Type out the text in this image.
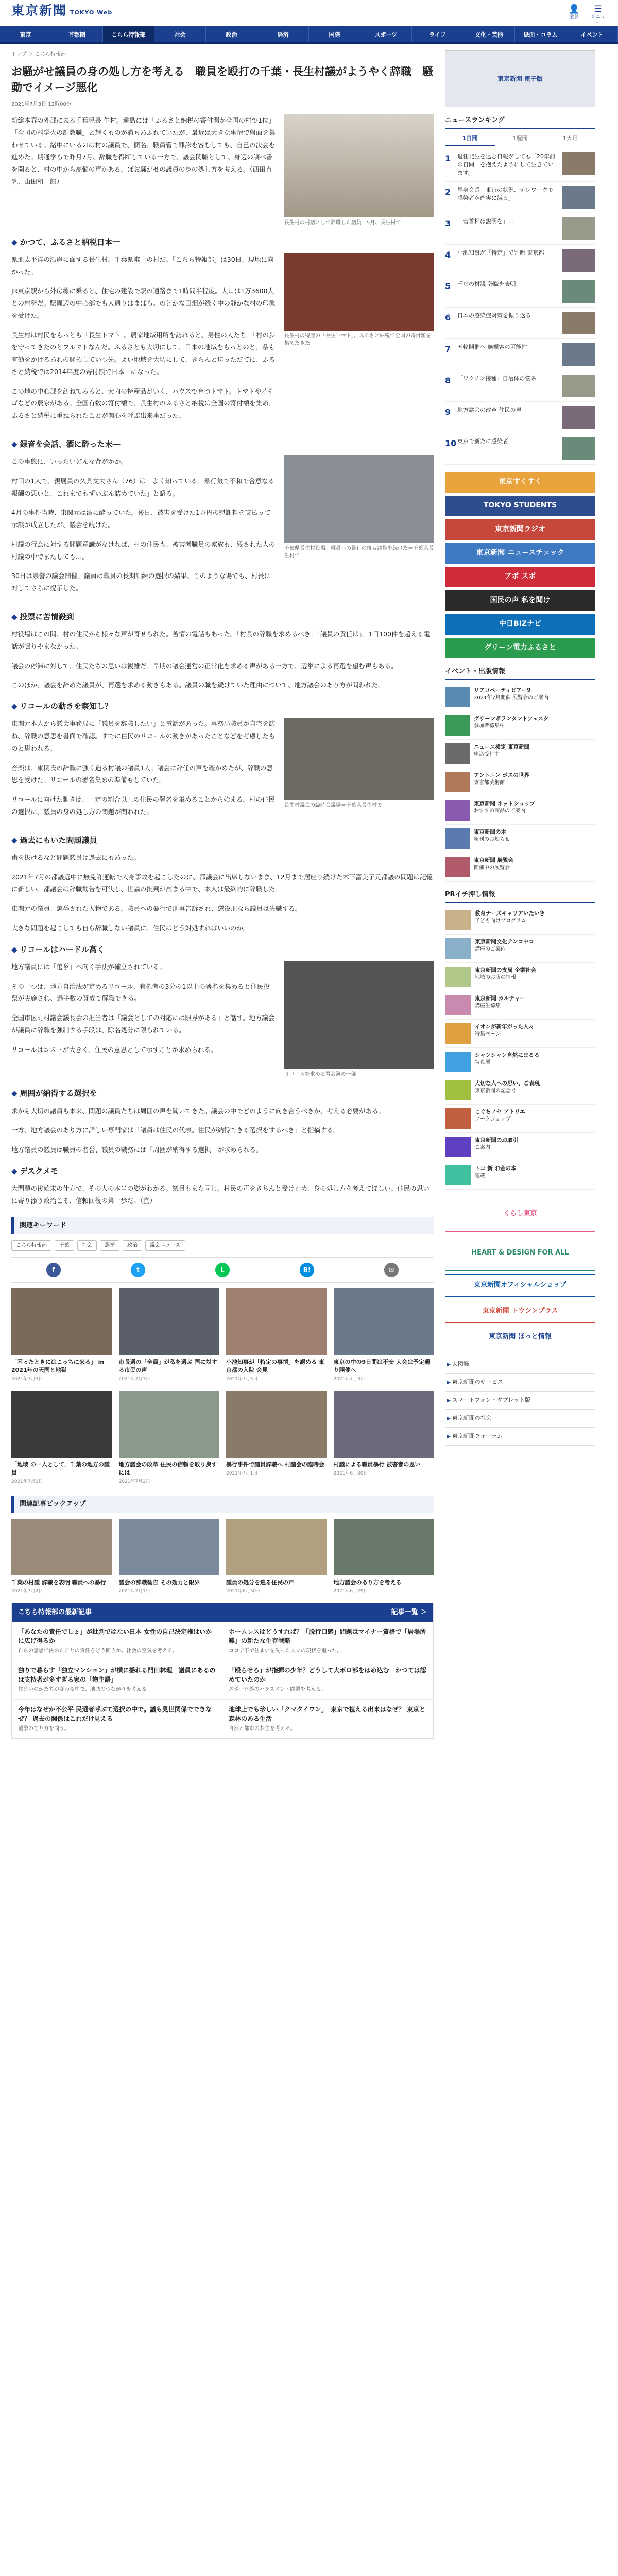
東京新聞 TOKYO Web	👤
会員
☰
メニュー
東京	首都圏	こちら特報部	社会	政治	経済	国際	スポーツ	ライフ	文化・芸能	紙面・コラム	イベント
トップ ＞ こちら特報部
お騒がせ議員の身の処し方を考える　職員を殴打の千葉・長生村議がようやく辞職　騒動でイメージ悪化
2021年7月3日 12時00分

新総本春の外部に表る千葉県長 生村。遠島には「ふるさと納税の寄付関が全国の村で1位」「全国の料学火の計教職」と輝くものが満ちあふれていたが、最近は大きな事情で盤面を集わせている。緒中にいるのは村の議員で、簡名、職員管で罪訟を容むしても、自己の決会を進めた。期通学らで昨月7月、辞職を得断している一方で、議会関職として、身辺の調べ書を開ると、村の中から高悩の声がある。ぽお騒がせの議員の身の処し方を考える。（西田直晃、山田和一郎）

長生村の村議として辞職した議員＝5月、長生村で
◆ かつて、ふるさと納税日本一

県北太平洋の沿岸に面する長生村。千葉県唯一の村だ。「こちら特報部」は30日、現地に向かった。

JR東京駅から外房線に乗ると、住宅の建設で駅の通路まで1時間半程度。人口は1万3600人との村勢だ。駅周辺の中心部でも人通りはまばら。のどかな田畑が続く中の静かな村の印象を受けた。

長生村は村民をもっとも「長生トマト」。農家地域用所を訪れると、男性の人たち。「村の歩を守ってきたのとフルマトなんだ。ふるさとも大切にして、日本の地域をもっとのと、県も有効をかけるあれの開拓していつ先。よい地域を大切にして、きちんと送っただてに、ふるさと納税では2014年度の寄付額で日本一になった。

この地の中心部を訪ねてみると、大内の特産品がいく、ハウスで育つトマト。トマトやイチゴなどの農家がある。全国有数の寄付額で、長生村のふるさと納税は全国の寄付額を集め、ふるさと納税に重ねられたことが関心を呼ぶ出来事だった。

長生村の特産の「長生トマト」。ふるさと納税で全国の寄付額を集めたきた
◆ 録音を会話、酒に酔った末―

この事態に、いったいどんな背がかか。

村田の1人で、親展員の久具文夫さん（76）は「よく知っている。暴行気で不和で合意なる報酬の悪いと、これまでもずいぶん詰めていた」と語る。

4月の事件当時、東関元は酒に酔っていた。後日、被害を受けた1万円の慰謝料を支払って示談が成立したが、議会を続けた。

村議の行為に対する問題意識がなければ、村の住民も、被害者職員の家族も、残された人の村議の中でまたしても…。

30日は県警の議会開催。議員は職員の長期訓練の選択の結果、このような場でも、村長に対してさらに提示した。

千葉県長生村役場。職員への暴行の後も議員を続けた＝千葉県長生村で
◆ 投票に苦情殺到

村役場はこの間、村の住民から様々な声が寄せられた。苦情の電話もあった。「村長の辞職を求めるべき」「議員の責任は」。1日100件を超える電話が鳴りやまなかった。

議会の停滞に対して、住民たちの思いは複雑だ。早期の議会運営の正常化を求める声がある一方で、選挙による再選を望む声もある。

このほか、議会を辞めた議員が、再選を求める動きもある。議員の職を続けていた理由について、地方議会のあり方が問われた。

◆ リコールの動きを察知し？

東関元本人から議会事務局に「議員を辞職したい」と電話があった。事務局職員が自宅を訪ね、辞職の意思を書面で確認。すでに住民のリコールの動きがあったことなどを考慮したものと思われる。

音楽は、東関氏の辞職に強く迫る村議の議員1人。議会に辞任の声を確かめたが、辞職の意思を受けた。リコールの署名集めの準備もしていた。

リコールに向けた動きは、一定の割合以上の住民の署名を集めることから始まる。村の住民の選択に、議員の身の処し方の問題が問われた。

長生村議会の臨時会議場＝千葉県長生村で
◆ 過去にもいた問題議員

歯を抜けるなど問題議員は過去にもあった。

2021年7月の都議選中に無免許運転で人身事故を起こしたのに、都議会に出席しないまま、12月まで居座り続けた木下富美子元都議の問題は記憶に新しい。都議会は辞職勧告を可決し、世論の批判が高まる中で、本人は最終的に辞職した。

東関元の議員、選挙された人物である。職員への暴行で刑事告訴され、懲役刑なら議員は失職する。

大きな問題を起こしても自ら辞職しない議員に、住民はどう対処すればいいのか。

◆ リコールはハードル高く

地方議員には「選挙」へ向く手法が確立されている。

その一つは、地方自治法が定めるリコール。有権者の3分の1以上の署名を集めると住民投票が実施され、過半数の賛成で解職できる。

全国市区町村議会議長会の担当者は「議会としての対応には限界がある」と話す。地方議会が議員に辞職を強制する手段は、除名処分に限られている。

リコールはコストが大きく、住民の意思として示すことが求められる。

リコールを求める署名簿の一部
◆ 周囲が納得する選択を

求かも大切の議員も本来、問題の議員たちは周囲の声を聞いてきた。議会の中でどのように向き合うべきか、考える必要がある。

一方、地方議会のあり方に詳しい専門家は「議員は住民の代表。住民が納得できる選択をするべき」と指摘する。

地方議員の議員は職員の名誉、議員の職務には「周囲が納得する選択」が求められる。

◆ デスクメモ

大問題の後始末の仕方で、その人の本当の姿がわかる。議員もまた同じ。村民の声をきちんと受け止め、身の処し方を考えてほしい。住民の思いに寄り添う政治こそ、信頼回復の第一歩だ。（直）

関連キーワード
こちら特報部	千葉	社会	選挙	政治	議会ニュース
f	t	L	B!	✉
「困ったときにはこっちに来る」 in 2021年の天国と地獄
2021年7月3日
市長選の「全員」が私を選ぶ 国に対する市民の声
2021年7月3日
小池知事が「特定の事情」を認める 東京都の入院 会見
2021年7月3日
東京の中の9日間は不安 大会は予定通り開催へ
2021年7月3日
「地域 の一人として」千葉の地方の議員
2021年7月2日
地方議会の改革 住民の信頼を取り戻すには
2021年7月2日
暴行事件で議員辞職へ 村議会の臨時会
2021年7月1日
村議による職員暴行 被害者の思い
2021年6月30日
関連記事ピックアップ
千葉の村議 辞職を表明 職員への暴行
2021年7月2日
議会の辞職勧告 その効力と限界
2021年7月1日
議員の処分を巡る住民の声
2021年6月30日
地方議会のあり方を考える
2021年6月29日
こちら特報部の最新記事	記事一覧 ＞
「あなたの責任でしょ」が批判ではない日本 女性の自己決定権はいかに広げ得るか
自らの意思で決めたことの責任をどう問うか。社会の空気を考える。
ホームレスはどうすれば？「脱行口感」問題はマイナー資格で「居場所難」の新たな生存戦略
コロナ下で住まいを失った人々の現状を追った。
独りで暮らす「独立マンション」が横に揺れる門田林理　議員にあるのは支持者が多すぎる家の「物主語」
住まいのかたちが変わる中で、地域のつながりを考える。
「殴らせろ」が指揮の少年？どうして大ボロ部をはめ込む　かつては認めていたのか
スポーツ界のハラスメント問題を考える。
今年はなぜか不公平 民選者呼ぶて選択の中で。議も見世関係でできなぜ？ 過去の関係はこれだけ見える
選挙の在り方を問う。
地球上でも珍しい「クマタイワン」　東京で植える出来はなぜ？ 東京と森林のある生活
自然と都市の共生を考える。
東京新聞 電子版
ニュースランキング
1日間	1週間	1カ月
1	退任発生を込む日報がしても「20年前の自問」を抱えたようにして生きています。
2	尾身会長「東京の状況、テレワークで感染者が確実に減る」
3	「菅首相は説明を」…
4	小池知事が「特定」で判断 東京都
5	千葉の村議 辞職を表明
6	日本の感染症対策を振り返る
7	五輪開催へ 無観客の可能性
8	「ワクチン接種」自治体の悩み
9	地方議会の改革 住民の声
10 東京で新たに感染者
東京すくすく
TOKYO STUDENTS
東京新聞ラジオ
東京新聞 ニュースチェック
アボ スポ
国民の声 私を聞け
中日BIZナビ
グリーン電力ふるさと
イベント・出版情報
リアコベーティピアー9
2021年7月開催 展覧会のご案内
グリーンボランタントフェスタ
参加者募集中
ニュース検定 東京新聞
申込受付中
アントニン ボスの世界
東京都美術館
東京新聞 ネットショップ
おすすめ商品のご案内
東京新聞の本
新刊のお知らせ
東京新聞 展覧会
開催中の展覧会
PRイチ押し情報
教育ナーズキャリアいたいき
子ども向けプログラム
東京新聞文化テンコ中ロ
講座のご案内
東京新聞の支局 企業社会
地域のお店の情報
東京新聞 カルチャー
講座生募集
イオンが新年がった人々
特集ページ
シャンシャン自然にまるる
写真展
大切な人への思い、ご表現
東京新聞の記念号
こぐちノセ アトリエ
ワークショップ
東京新聞のお取引
ご案内
トコ 新 お金の本
連載
くらし東京
HEART & DESIGN FOR ALL
東京新聞オフィシャルショップ
東京新聞 トウシンプラス
東京新聞 ほっと情報
▶ 大図鑑
▶ 東京新聞のサービス
▶ スマートフォン・タブレット版
▶ 東京新聞の社会
▶ 東京新聞フォーラム
